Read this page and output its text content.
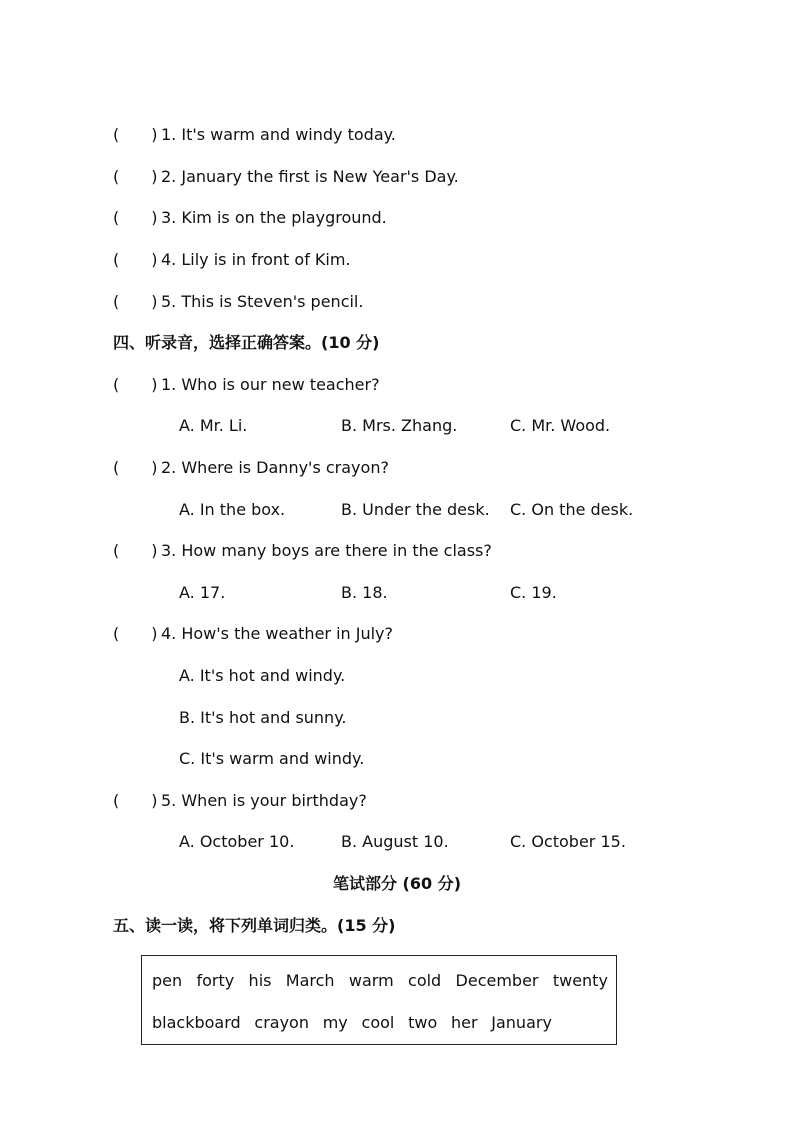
(　　) 1. It's warm and windy today.
(　　) 2. January the first is New Year's Day.
(　　) 3. Kim is on the playground.
(　　) 4. Lily is in front of Kim.
(　　) 5. This is Steven's pencil.
四、听录音，选择正确答案。(10 分)
(　　) 1. Who is our new teacher?
A. Mr. Li.	B. Mrs. Zhang.	C. Mr. Wood.
(　　) 2. Where is Danny's crayon?
A. In the box.	B. Under the desk. C. On the desk.
(　　) 3. How many boys are there in the class?
A. 17.	B. 18.	C. 19.
(　　) 4. How's the weather in July?
A. It's hot and windy.
B. It's hot and sunny.
C. It's warm and windy.
(　　) 5. When is your birthday?
A. October 10.	B. August 10.	C. October 15.
笔试部分 (60 分)
五、读一读，将下列单词归类。(15 分)
pen forty his March warm cold December twenty
blackboard crayon my cool two her January
